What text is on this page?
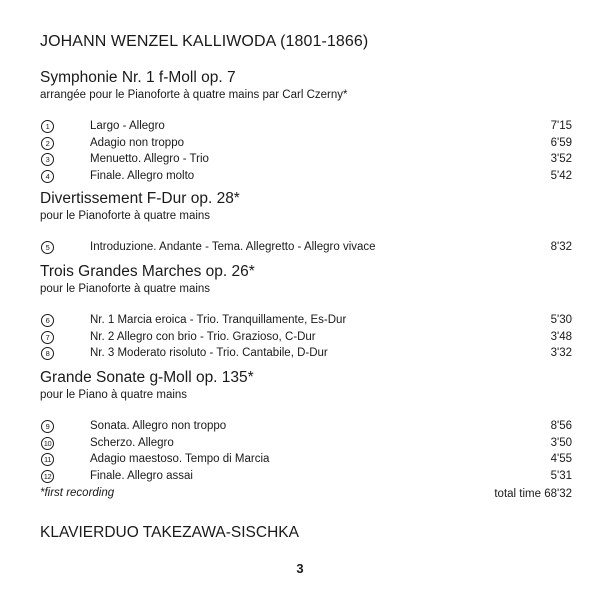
JOHANN WENZEL KALLIWODA (1801-1866)
Symphonie Nr. 1 f-Moll op. 7
arrangée pour le Pianoforte à quatre mains par Carl Czerny*
1	Largo - Allegro	7'15
2	Adagio non troppo	6'59
3	Menuetto. Allegro - Trio	3'52
4	Finale. Allegro molto	5'42
Divertissement F-Dur op. 28*
pour le Pianoforte à quatre mains
5	Introduzione. Andante - Tema. Allegretto - Allegro vivace	8'32
Trois Grandes Marches op. 26*
pour le Pianoforte à quatre mains
6	Nr. 1 Marcia eroica - Trio. Tranquillamente, Es-Dur	5'30
7	Nr. 2 Allegro con brio - Trio. Grazioso, C-Dur	3'48
8	Nr. 3 Moderato risoluto - Trio. Cantabile, D-Dur	3'32
Grande Sonate g-Moll op. 135*
pour le Piano à quatre mains
9	Sonata. Allegro non troppo	8'56
10	Scherzo. Allegro	3'50
11	Adagio maestoso. Tempo di Marcia	4'55
12	Finale. Allegro assai	5'31
*first recording	total time 68'32
KLAVIERDUO TAKEZAWA-SISCHKA
3
